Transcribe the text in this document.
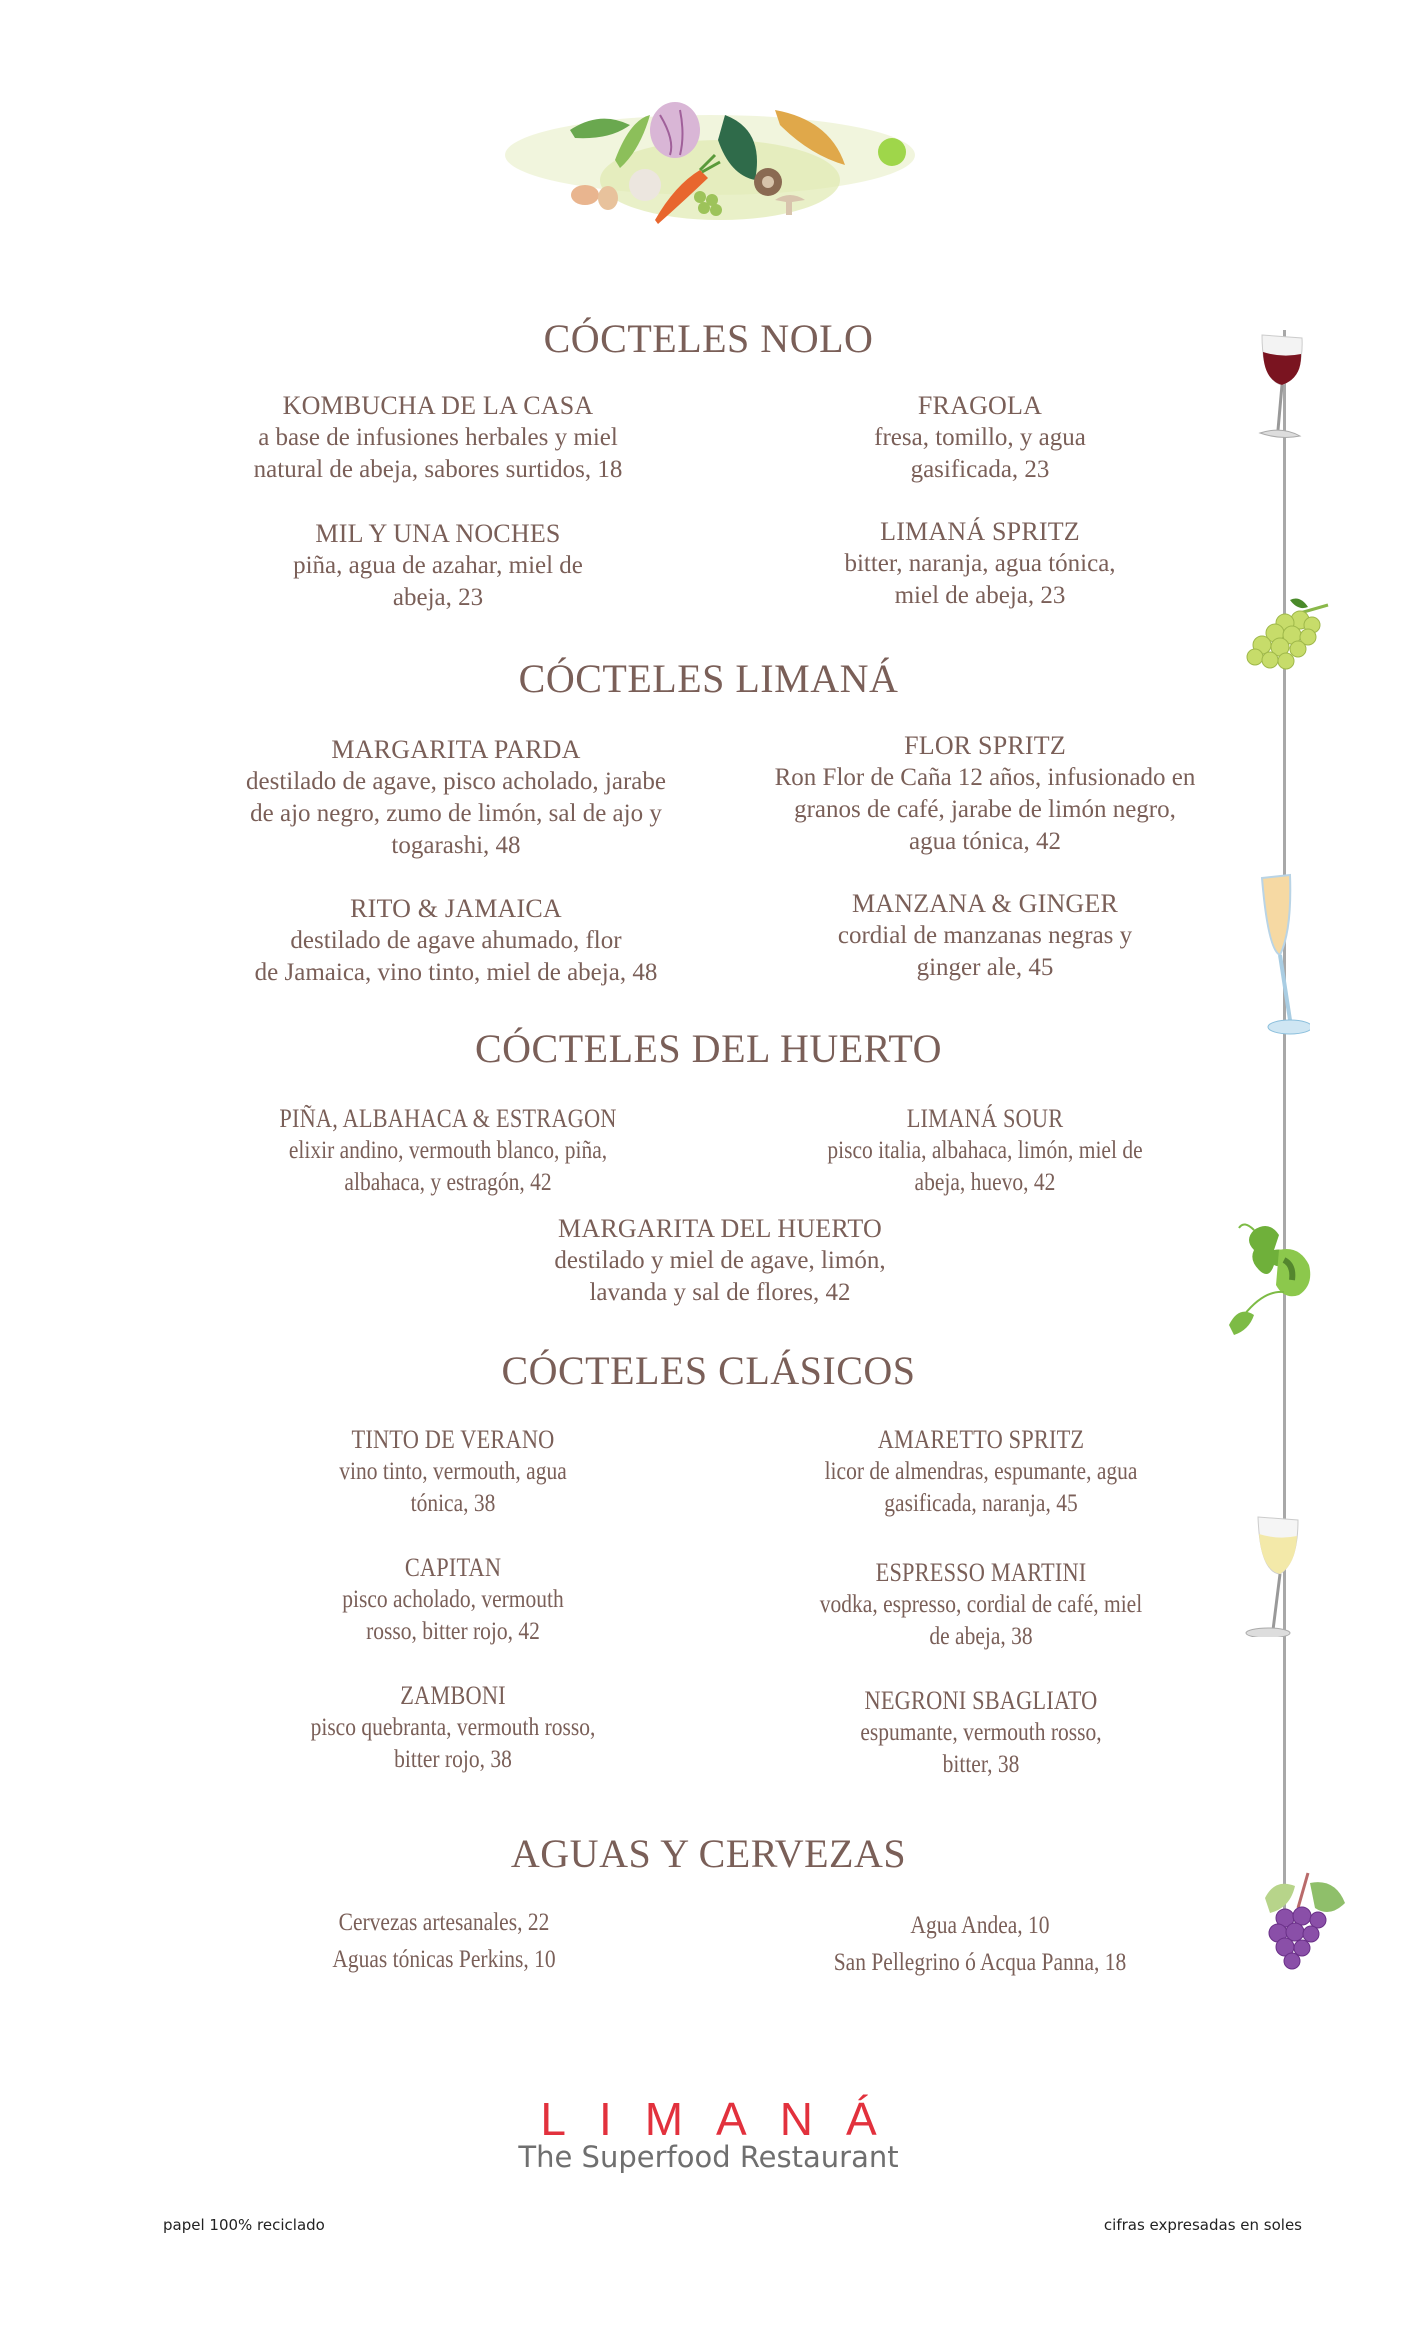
CÓCTELES NOLO
KOMBUCHA DE LA CASA
a base de infusiones herbales y miel
natural de abeja, sabores surtidos, 18
FRAGOLA
fresa, tomillo, y agua
gasificada, 23
MIL Y UNA NOCHES
piña, agua de azahar, miel de
abeja, 23
LIMANÁ SPRITZ
bitter, naranja, agua tónica,
miel de abeja, 23
CÓCTELES LIMANÁ
MARGARITA PARDA
destilado de agave, pisco acholado, jarabe
de ajo negro, zumo de limón, sal de ajo y
togarashi, 48
FLOR SPRITZ
Ron Flor de Caña 12 años, infusionado en
granos de café, jarabe de limón negro,
agua tónica, 42
RITO & JAMAICA
destilado de agave ahumado, flor
de Jamaica, vino tinto, miel de abeja, 48
MANZANA & GINGER
cordial de manzanas negras y
ginger ale, 45
CÓCTELES DEL HUERTO
PIÑA, ALBAHACA & ESTRAGON
elixir andino, vermouth blanco, piña,
albahaca, y estragón, 42
LIMANÁ SOUR
pisco italia, albahaca, limón, miel de
abeja, huevo, 42
MARGARITA DEL HUERTO
destilado y miel de agave, limón,
lavanda y sal de flores, 42
CÓCTELES CLÁSICOS
TINTO DE VERANO
vino tinto, vermouth, agua
tónica, 38
AMARETTO SPRITZ
licor de almendras, espumante, agua
gasificada, naranja, 45
CAPITAN
pisco acholado, vermouth
rosso, bitter rojo, 42
ESPRESSO MARTINI
vodka, espresso, cordial de café, miel
de abeja, 38
ZAMBONI
pisco quebranta, vermouth rosso,
bitter rojo, 38
NEGRONI SBAGLIATO
espumante, vermouth rosso,
bitter, 38
AGUAS Y CERVEZAS
Cervezas artesanales, 22
Aguas tónicas Perkins, 10
Agua Andea, 10
San Pellegrino ó Acqua Panna, 18
LIMANÁ
The Superfood Restaurant
papel 100% reciclado	cifras expresadas en soles
